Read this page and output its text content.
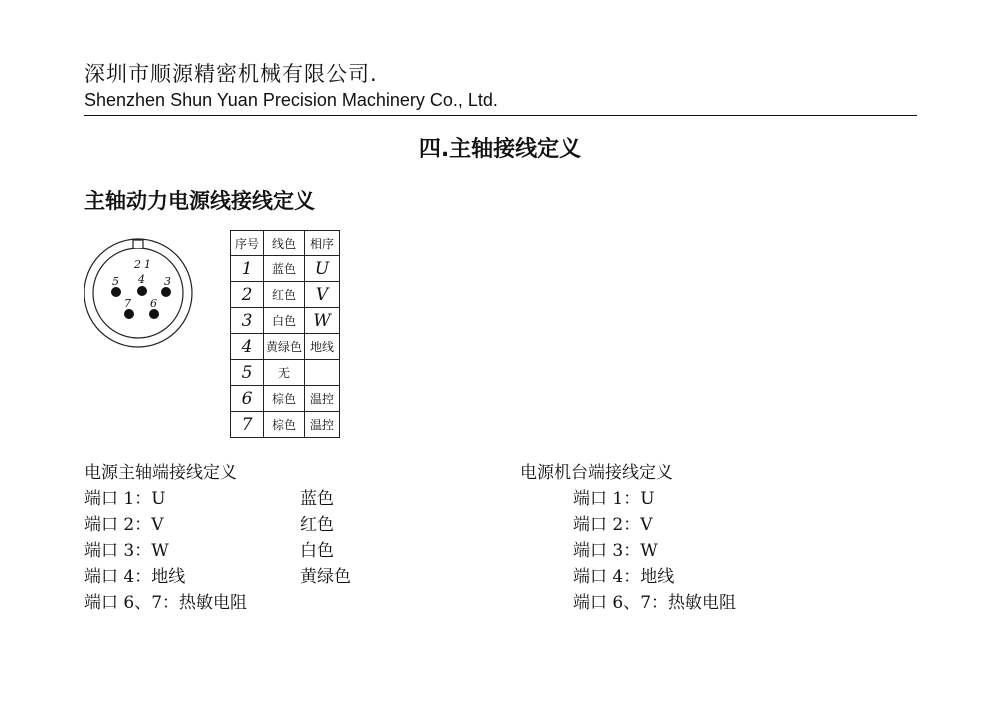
深圳市顺源精密机械有限公司.
Shenzhen Shun Yuan Precision Machinery Co., Ltd.
四.主轴接线定义
主轴动力电源线接线定义
2 1
5 4 3
7 6
序号	线色	相序
1	蓝色	U
2	红色	V
3	白色	W
4	黄绿色	地线
5	无	
6	棕色	温控
7	棕色	温控
电源主轴端接线定义
端口 1：U	蓝色
端口 2：V	红色
端口 3：W	白色
端口 4：地线	黄绿色
端口 6、7：热敏电阻
电源机台端接线定义
端口 1：U
端口 2：V
端口 3：W
端口 4：地线
端口 6、7：热敏电阻
